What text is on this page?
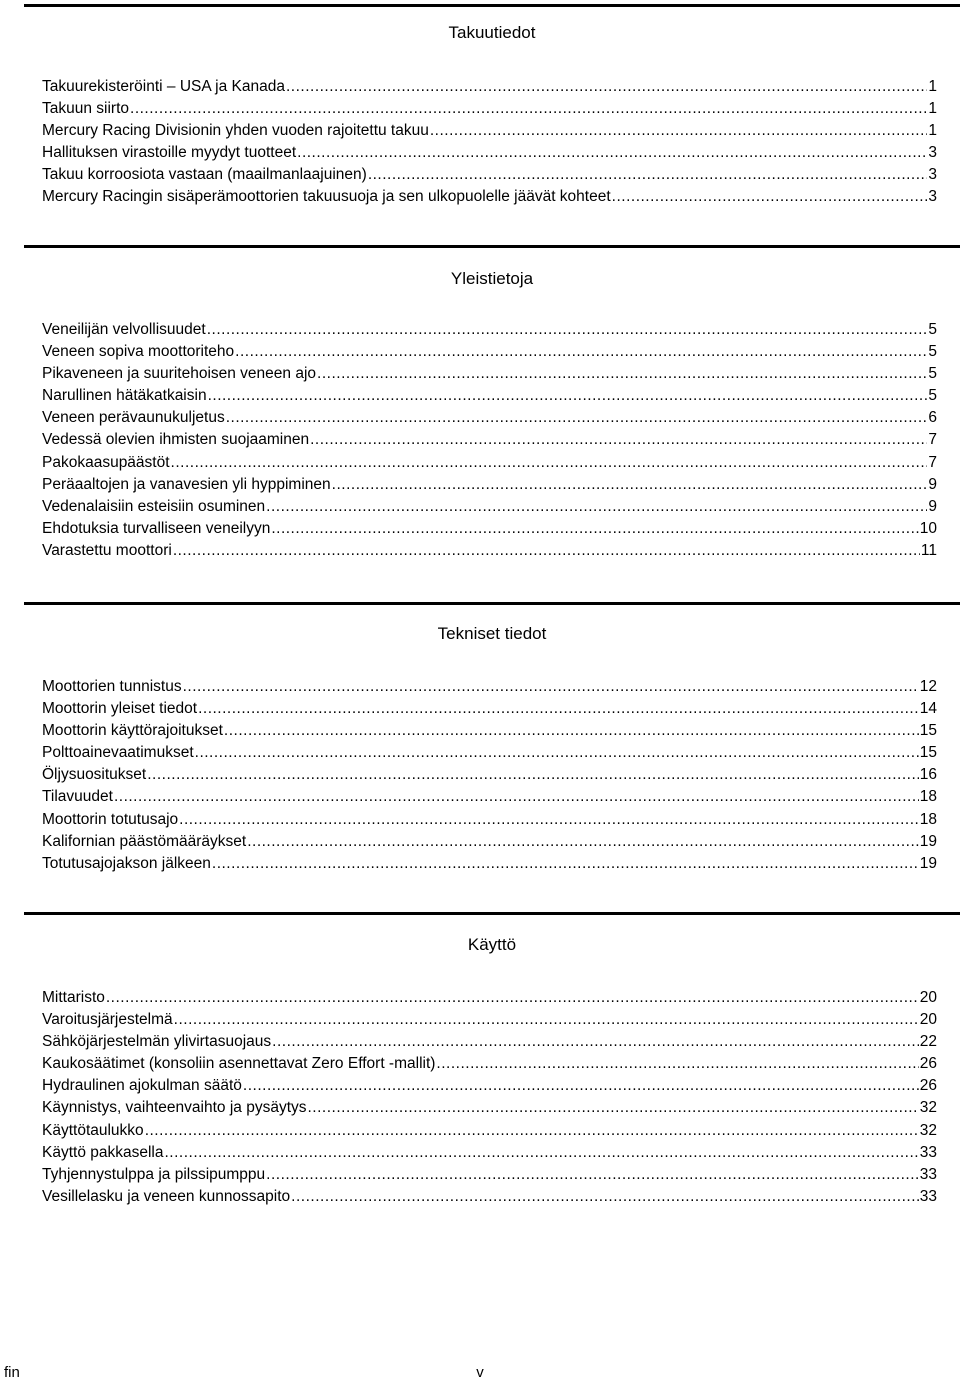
Takuutiedot
Takuurekisteröinti – USA ja Kanada .....	1
Takuun siirto .....	1
Mercury Racing Divisionin yhden vuoden rajoitettu takuu .....	1
Hallituksen virastoille myydyt tuotteet .....	3
Takuu korroosiota vastaan (maailmanlaajuinen) .....	3
Mercury Racingin sisäperämoottorien takuusuoja ja sen ulkopuolelle jäävät kohteet .....	3
Yleistietoja
Veneilijän velvollisuudet .....	5
Veneen sopiva moottoriteho .....	5
Pikaveneen ja suuritehoisen veneen ajo .....	5
Narullinen hätäkatkaisin .....	5
Veneen perävaunukuljetus .....	6
Vedessä olevien ihmisten suojaaminen .....	7
Pakokaasupäästöt .....	7
Peräaaltojen ja vanavesien yli hyppiminen .....	9
Vedenalaisiin esteisiin osuminen .....	9
Ehdotuksia turvalliseen veneilyyn .....	10
Varastettu moottori .....	11
Tekniset tiedot
Moottorien tunnistus .....	12
Moottorin yleiset tiedot .....	14
Moottorin käyttörajoitukset .....	15
Polttoainevaatimukset .....	15
Öljysuositukset .....	16
Tilavuudet .....	18
Moottorin totutusajo .....	18
Kalifornian päästömääräykset .....	19
Totutusajojakson jälkeen .....	19
Käyttö
Mittaristo .....	20
Varoitusjärjestelmä .....	20
Sähköjärjestelmän ylivirtasuojaus .....	22
Kaukosäätimet (konsoliin asennettavat Zero Effort -mallit) .....	26
Hydraulinen ajokulman säätö .....	26
Käynnistys, vaihteenvaihto ja pysäytys .....	32
Käyttötaulukko .....	32
Käyttö pakkasella .....	33
Tyhjennystulppa ja pilssipumppu .....	33
Vesillelasku ja veneen kunnossapito .....	33
fin	v
